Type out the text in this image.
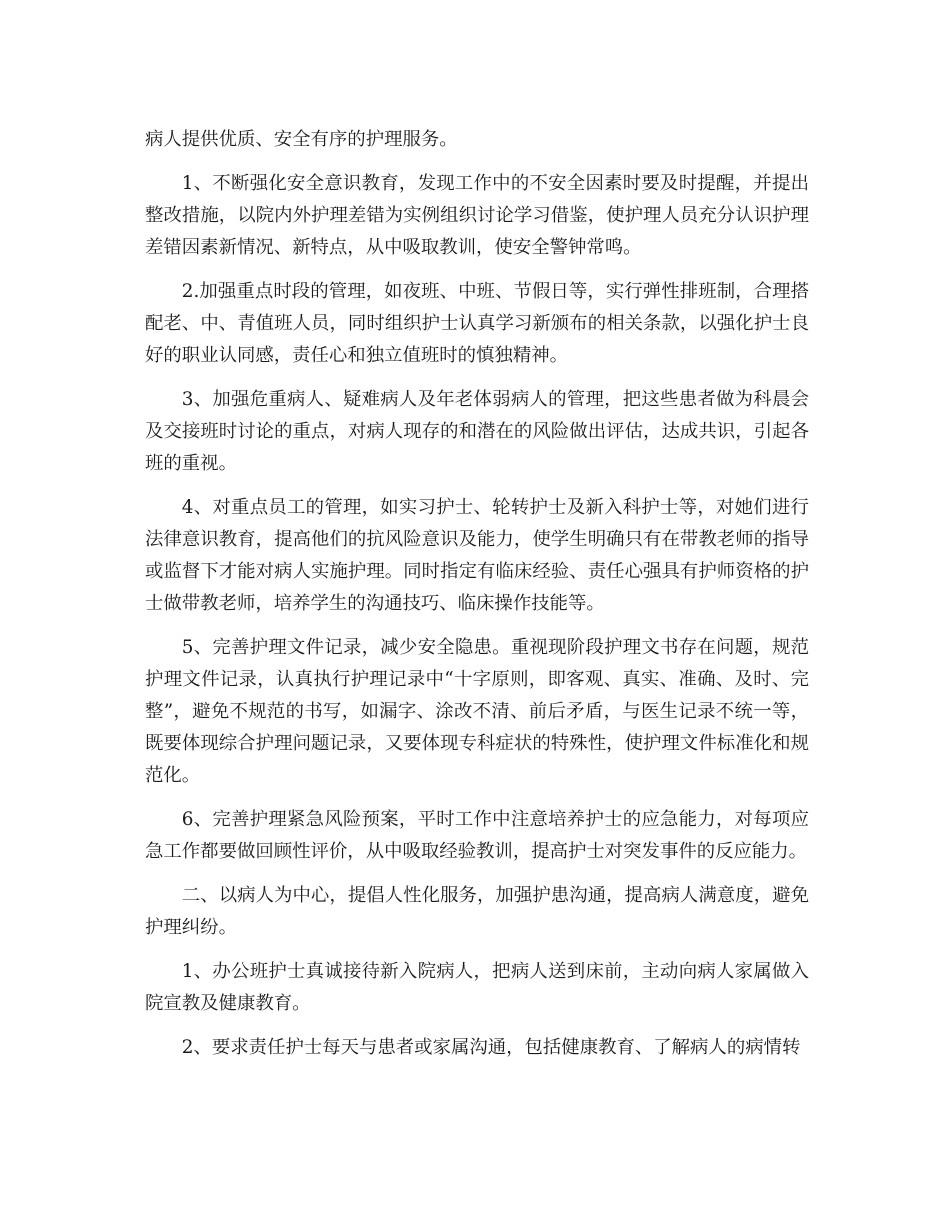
病人提供优质、安全有序的护理服务。

1、不断强化安全意识教育，发现工作中的不安全因素时要及时提醒，并提出整改措施，以院内外护理差错为实例组织讨论学习借鉴，使护理人员充分认识护理差错因素新情况、新特点，从中吸取教训，使安全警钟常鸣。

2.加强重点时段的管理，如夜班、中班、节假日等，实行弹性排班制，合理搭配老、中、青值班人员，同时组织护士认真学习新颁布的相关条款，以强化护士良好的职业认同感，责任心和独立值班时的慎独精神。

3、加强危重病人、疑难病人及年老体弱病人的管理，把这些患者做为科晨会及交接班时讨论的重点，对病人现存的和潜在的风险做出评估，达成共识，引起各班的重视。

4、对重点员工的管理，如实习护士、轮转护士及新入科护士等，对她们进行法律意识教育，提高他们的抗风险意识及能力，使学生明确只有在带教老师的指导或监督下才能对病人实施护理。同时指定有临床经验、责任心强具有护师资格的护士做带教老师，培养学生的沟通技巧、临床操作技能等。

5、完善护理文件记录，减少安全隐患。重视现阶段护理文书存在问题，规范护理文件记录，认真执行护理记录中“十字原则，即客观、真实、准确、及时、完整”，避免不规范的书写，如漏字、涂改不清、前后矛盾，与医生记录不统一等，既要体现综合护理问题记录，又要体现专科症状的特殊性，使护理文件标准化和规范化。

6、完善护理紧急风险预案，平时工作中注意培养护士的应急能力，对每项应急工作都要做回顾性评价，从中吸取经验教训，提高护士对突发事件的反应能力。

二、以病人为中心，提倡人性化服务，加强护患沟通，提高病人满意度，避免护理纠纷。

1、办公班护士真诚接待新入院病人，把病人送到床前，主动向病人家属做入院宣教及健康教育。

2、要求责任护士每天与患者或家属沟通，包括健康教育、了解病人的病情转
